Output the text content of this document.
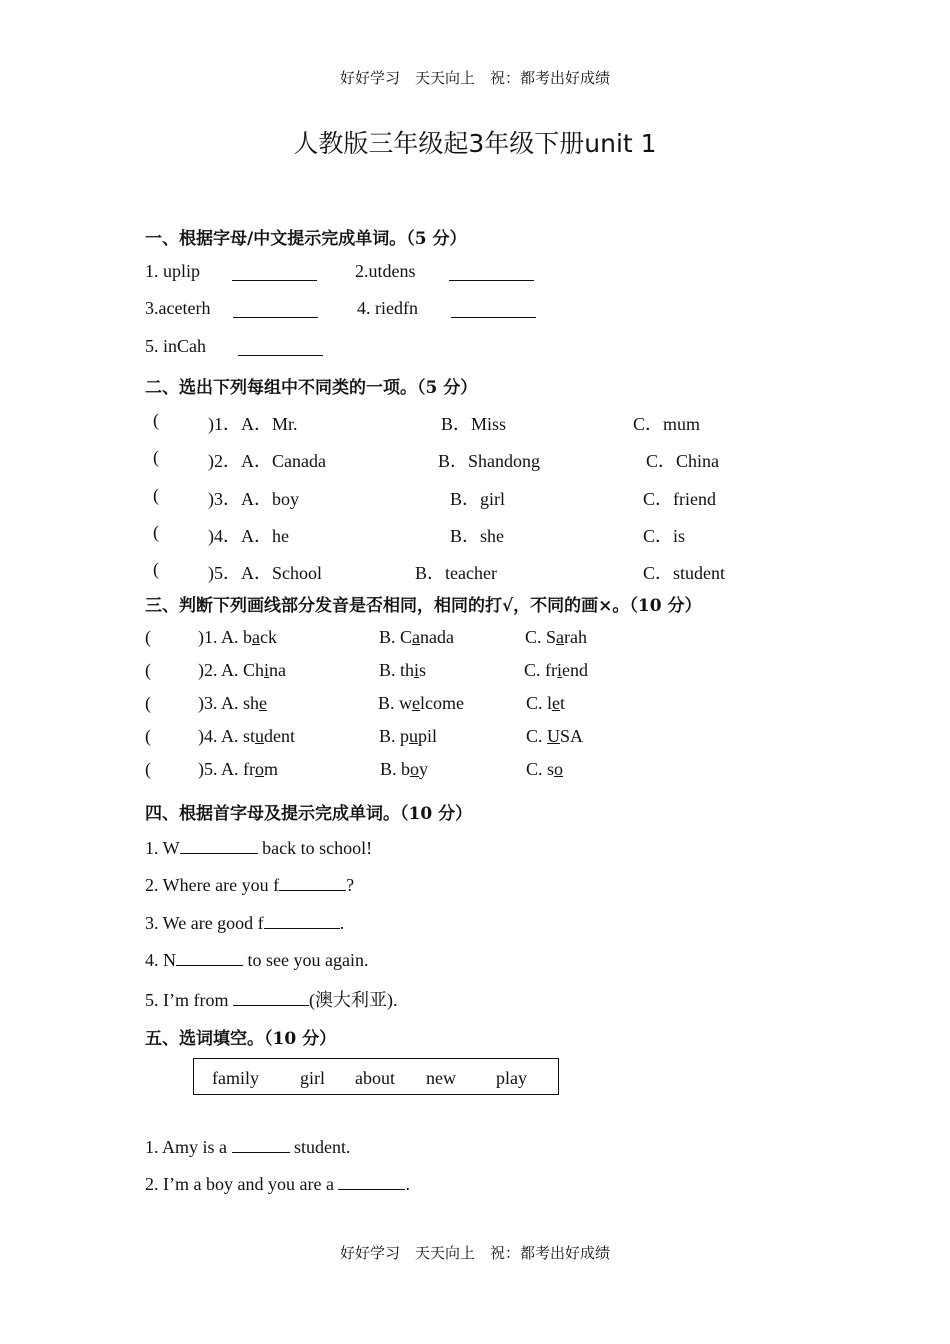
好好学习　天天向上　祝：都考出好成绩
人教版三年级起3年级下册unit 1
一、根据字母/中文提示完成单词。（5 分）
1. uplip	2.utdens
3.aceterh	4. riedfn
5. inCah
二、选出下列每组中不同类的一项。（5 分）
(	)1．A．Mr.	B．Miss	C．mum
(	)2．A．Canada	B．Shandong	C．China
(	)3．A．boy	B．girl	C．friend
(	)4．A．he	B．she	C．is
(	)5．A．School	B．teacher	C．student
三、判断下列画线部分发音是否相同，相同的打√，不同的画×。（10 分）
(	)1. A. back	B. Canada	C. Sarah
(	)2. A. China	B. this	C. friend
(	)3. A. she	B. welcome	C. let
(	)4. A. student	B. pupil	C. USA
(	)5. A. from	B. boy	C. so
四、根据首字母及提示完成单词。（10 分）
1. W	back to school!
2. Where are you f	?
3. We are good f	.
4. N	to see you again.
5. I’m from	(澳大利亚).
五、选词填空。（10 分）
family girl about new play
1. Amy is a	student.
2. I’m a boy and you are a	.
好好学习　天天向上　祝：都考出好成绩
